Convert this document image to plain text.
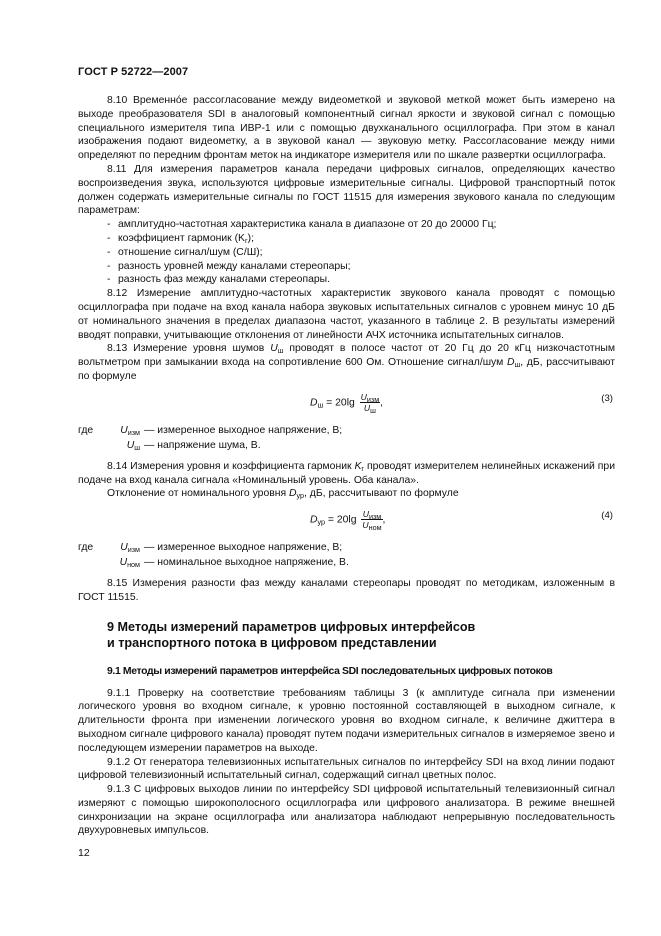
ГОСТ Р 52722—2007

8.10 Временнóе рассогласование между видеометкой и звуковой меткой может быть измерено на выходе преобразователя SDI в аналоговый компонентный сигнал яркости и звуковой сигнал с помощью специального измерителя типа ИВР-1 или с помощью двухканального осциллографа. При этом в канал изображения подают видеометку, а в звуковой канал — звуковую метку. Рассогласование между ними определяют по передним фронтам меток на индикаторе измерителя или по шкале развертки осциллографа.

8.11 Для измерения параметров канала передачи цифровых сигналов, определяющих качество воспроизведения звука, используются цифровые измерительные сигналы. Цифровой транспортный поток должен содержать измерительные сигналы по ГОСТ 11515 для измерения звукового канала по следующим параметрам:

- амплитудно-частотная характеристика канала в диапазоне от 20 до 20000 Гц;
- коэффициент гармоник $(K_г)$;
- отношение сигнал/шум (С/Ш);
- разность уровней между каналами стереопары;
- разность фаз между каналами стереопары.

8.12 Измерение амплитудно-частотных характеристик звукового канала проводят с помощью осциллографа при подаче на вход канала набора звуковых испытательных сигналов с уровнем минус 10 дБ от номинального значения в пределах диапазона частот, указанного в таблице 2. В результаты измерений вводят поправки, учитывающие отклонения от линейности АЧХ источника испытательных сигналов.

8.13 Измерение уровня шумов $U_ш$ проводят в полосе частот от 20 Гц до 20 кГц низкочастотным вольтметром при замыкании входа на сопротивление 600 Ом. Отношение сигнал/шум $D_ш$, дБ, рассчитывают по формуле

$D_ш = 20\lg \frac{U_{изм}}{U_ш}$ ,	(3)
где	$U_{изм}$ — измеренное выходное напряжение, В;
$U_ш$ — напряжение шума, В.

8.14 Измерения уровня и коэффициента гармоник $K_г$ проводят измерителем нелинейных искажений при подаче на вход канала сигнала «Номинальный уровень. Оба канала».

Отклонение от номинального уровня $D_{ур}$, дБ, рассчитывают по формуле

$D_{ур} = 20\lg \frac{U_{изм}}{U_{ном}}$ ,	(4)
где	$U_{изм}$ — измеренное выходное напряжение, В;
$U_{ном}$ — номинальное выходное напряжение, В.

8.15 Измерения разности фаз между каналами стереопары проводят по методикам, изложенным в ГОСТ 11515.

9 Методы измерений параметров цифровых интерфейсов
и транспортного потока в цифровом представлении

9.1 Методы измерений параметров интерфейса SDI последовательных цифровых потоков

9.1.1 Проверку на соответствие требованиям таблицы 3 (к амплитуде сигнала при изменении логического уровня во входном сигнале, к уровню постоянной составляющей в выходном сигнале, к длительности фронта при изменении логического уровня во входном сигнале, к величине джиттера в выходном сигнале цифрового канала) проводят путем подачи измерительных сигналов в измеряемое звено и последующем измерении параметров на выходе.

9.1.2 От генератора телевизионных испытательных сигналов по интерфейсу SDI на вход линии подают цифровой телевизионный испытательный сигнал, содержащий сигнал цветных полос.

9.1.3 С цифровых выходов линии по интерфейсу SDI цифровой испытательный телевизионный сигнал измеряют с помощью широкополосного осциллографа или цифрового анализатора. В режиме внешней синхронизации на экране осциллографа или анализатора наблюдают непрерывную последовательность двухуровневых импульсов.

12
